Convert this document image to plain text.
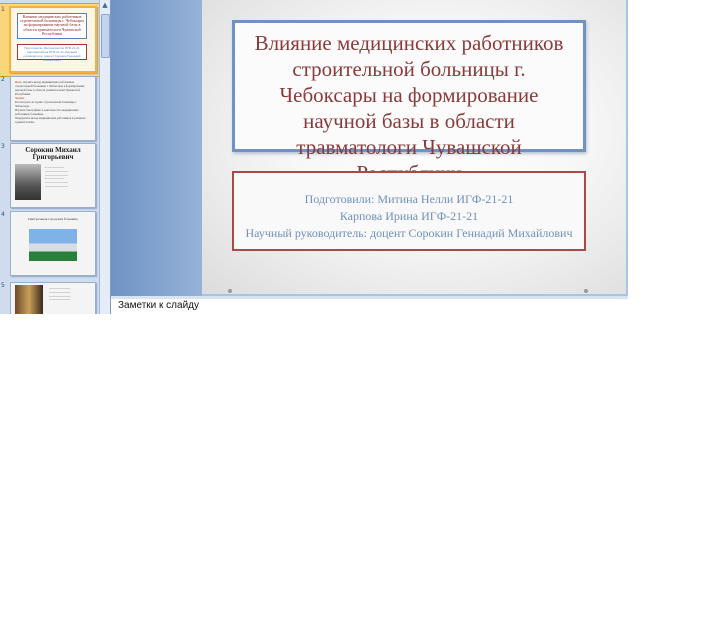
1
Влияние медицинских работников строительной больницы г. Чебоксары на формирование научной базы в области травматологи Чувашской Республики
Подготовили: Митина Нелли ИГФ-21-21 Карпова Ирина ИГФ-21-21 Научный руководитель: доцент Сорокин Геннадий Михайлович
2	Цель: изучить вклад медицинских работников строительной больницы г. Чебоксары в формирование научной базы в области травматологии Чувашской Республики.
Задачи:
Рассмотреть историю строительной больницы г. Чебоксары.
Изучить биографию и деятельность медицинских работников больницы.
Определить вклад медицинских работников в развитие травматологии.
3	Сорокин Михаил Григорьевич
▪ ──────────
─────────────
─────────────
▪ ──────────
─────────────
─────────────
4
Центральная городская больница
5	────────────
────────────
────────────
────────────
▲
Влияние медицинских работников строительной больницы г. Чебоксары на формирование научной базы в области травматологи Чувашской
Подготовили: Митина Нелли ИГФ-21-21
Карпова Ирина ИГФ-21-21
Научный руководитель: доцент Сорокин Геннадий Михайлович
Заметки к слайду
